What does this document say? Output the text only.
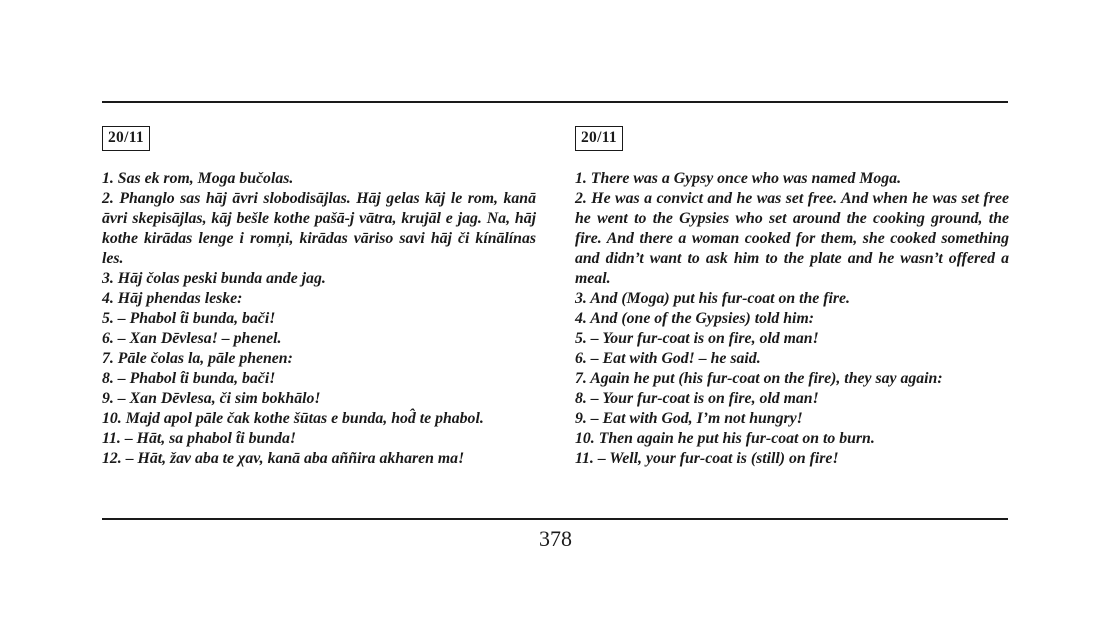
20/11
1. Sas ek rom, Moga bučolas.
2. Phanglo sas hāj āvri slobodisājlas. Hāj gelas kāj le rom, kanā āvri skepisājlas, kāj bešle kothe pašā-j vātra, krujāl e jag. Na, hāj kothe kirādas lenge i romņi, kirādas vāriso savi hāj či kínālínas les.
3. Hāj čolas peski bunda ande jag.
4. Hāj phendas leske:
5. – Phabol t̂i bunda, bači!
6. – Xan Dēvlesa! – phenel.
7. Pāle čolas la, pāle phenen:
8. – Phabol t̂i bunda, bači!
9. – Xan Dēvlesa, či sim bokhālo!
10. Majd apol pāle čak kothe šūtas e bunda, hod̂ te phabol.
11. – Hāt, sa phabol t̂i bunda!
12. – Hāt, žav aba te χav, kanā aba aññira akharen ma!
20/11
1. There was a Gypsy once who was named Moga.
2. He was a convict and he was set free. And when he was set free he went to the Gypsies who set around the cooking ground, the fire. And there a woman cooked for them, she cooked something and didn’t want to ask him to the plate and he wasn’t offered a meal.
3. And (Moga) put his fur-coat on the fire.
4. And (one of the Gypsies) told him:
5. – Your fur-coat is on fire, old man!
6. – Eat with God! – he said.
7. Again he put (his fur-coat on the fire), they say again:
8. – Your fur-coat is on fire, old man!
9. – Eat with God, I’m not hungry!
10. Then again he put his fur-coat on to burn.
11. – Well, your fur-coat is (still) on fire!
378
